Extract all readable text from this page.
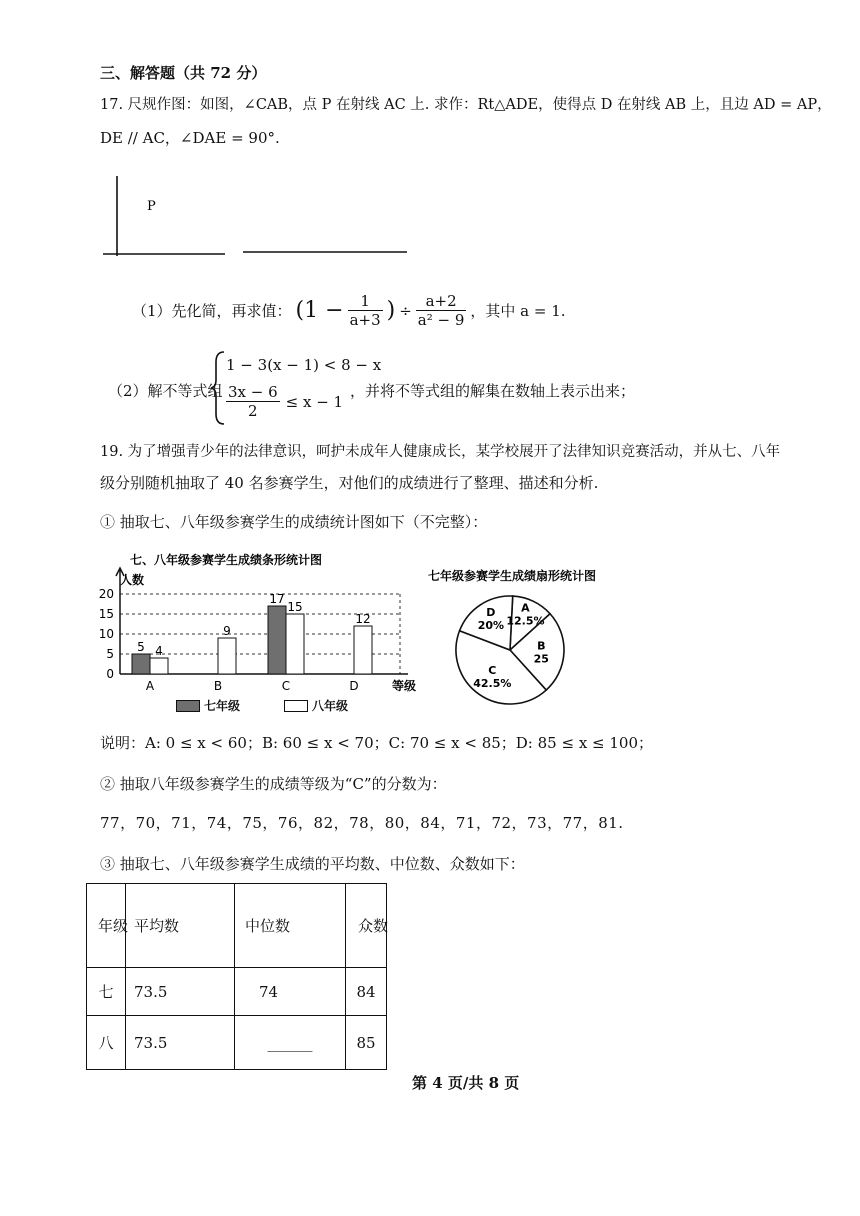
三、解答题（共 72 分）
17. 尺规作图：如图，∠CAB，点 P 在射线 AC 上. 求作：Rt△ADE，使得点 D 在射线 AB 上，且边 AD = AP，
DE // AC，∠DAE = 90°.
P
（1）先化简，再求值： ($1 - \frac{1}{a+3}$ ) ÷ $\frac{a+2}{\text{a² − 9}}$ ，其中 a = 1.
（2）解不等式组
1 − 3(x − 1) < 8 − x
$\frac{3x - 6}{2} \le x - 1$
，并将不等式组的解集在数轴上表示出来；
19. 为了增强青少年的法律意识，呵护未成年人健康成长，某学校展开了法律知识竞赛活动，并从七、八年
级分别随机抽取了 40 名参赛学生，对他们的成绩进行了整理、描述和分析.
① 抽取七、八年级参赛学生的成绩统计图如下（不完整）：
七、八年级参赛学生成绩条形统计图
人数
等级
0
5
10
15
20
A	B	C	D
5 4
9
17
15
12
七年级	八年级
七年级参赛学生成绩扇形统计图
A
12.5%
B
25
C
42.5%
D
20%
说明：A: 0 ≤ x < 60；B: 60 ≤ x < 70；C: 70 ≤ x < 85；D: 85 ≤ x ≤ 100；
② 抽取八年级参赛学生的成绩等级为“C”的分数为：
77，70，71，74，75，76，82，78，80，84，71，72，73，77，81.
③ 抽取七、八年级参赛学生成绩的平均数、中位数、众数如下：
年级	平均数	中位数	众数

七	73.5	74	84
八	73.5	______	85
第 4 页/共 8 页
